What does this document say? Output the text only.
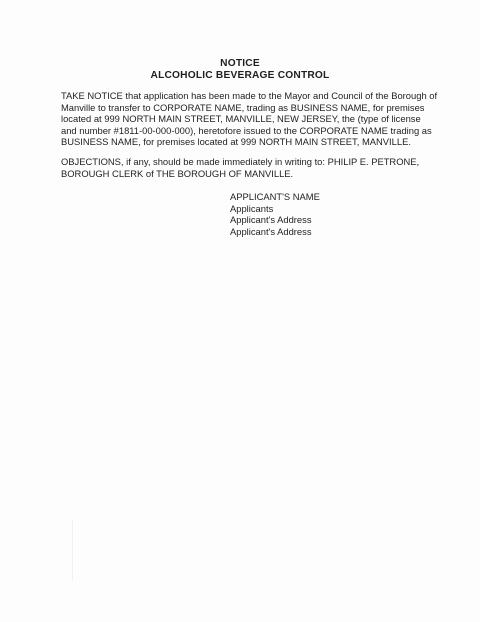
NOTICE
ALCOHOLIC BEVERAGE CONTROL
TAKE NOTICE that application has been made to the Mayor and Council of the Borough of
Manville to transfer to CORPORATE NAME, trading as BUSINESS NAME, for premises
located at 999 NORTH MAIN STREET, MANVILLE, NEW JERSEY, the (type of license
and number #1811-00-000-000), heretofore issued to the CORPORATE NAME trading as
BUSINESS NAME, for premises located at 999 NORTH MAIN STREET, MANVILLE.
OBJECTIONS, if any, should be made immediately in writing to: PHILIP E. PETRONE,
BOROUGH CLERK of THE BOROUGH OF MANVILLE.
APPLICANT'S NAME
Applicants
Applicant's Address
Applicant's Address
